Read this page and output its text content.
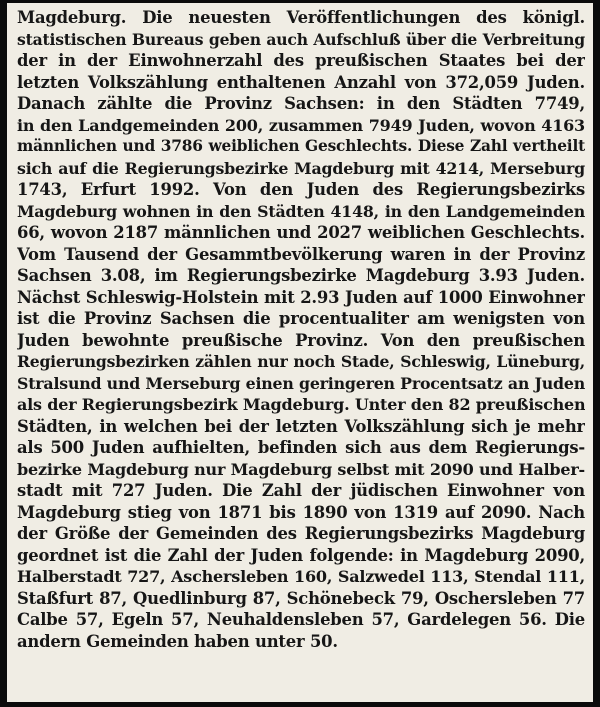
Magdeburg. Die neuesten Veröffentlichungen des königl.
statistischen Bureaus geben auch Aufschluß über die Verbreitung
der in der Einwohnerzahl des preußischen Staates bei der
letzten Volkszählung enthaltenen Anzahl von 372,059 Juden.
Danach zählte die Provinz Sachsen: in den Städten 7749,
in den Landgemeinden 200, zusammen 7949 Juden, wovon 4163
männlichen und 3786 weiblichen Geschlechts. Diese Zahl vertheilt
sich auf die Regierungsbezirke Magdeburg mit 4214, Merseburg
1743, Erfurt 1992. Von den Juden des Regierungsbezirks
Magdeburg wohnen in den Städten 4148, in den Landgemeinden
66, wovon 2187 männlichen und 2027 weiblichen Geschlechts.
Vom Tausend der Gesammtbevölkerung waren in der Provinz
Sachsen 3.08, im Regierungsbezirke Magdeburg 3.93 Juden.
Nächst Schleswig-Holstein mit 2.93 Juden auf 1000 Einwohner
ist die Provinz Sachsen die procentualiter am wenigsten von
Juden bewohnte preußische Provinz. Von den preußischen
Regierungsbezirken zählen nur noch Stade, Schleswig, Lüneburg,
Stralsund und Merseburg einen geringeren Procentsatz an Juden
als der Regierungsbezirk Magdeburg. Unter den 82 preußischen
Städten, in welchen bei der letzten Volkszählung sich je mehr
als 500 Juden aufhielten, befinden sich aus dem Regierungs-
bezirke Magdeburg nur Magdeburg selbst mit 2090 und Halber-
stadt mit 727 Juden. Die Zahl der jüdischen Einwohner von
Magdeburg stieg von 1871 bis 1890 von 1319 auf 2090. Nach
der Größe der Gemeinden des Regierungsbezirks Magdeburg
geordnet ist die Zahl der Juden folgende: in Magdeburg 2090,
Halberstadt 727, Aschersleben 160, Salzwedel 113, Stendal 111,
Staßfurt 87, Quedlinburg 87, Schönebeck 79, Oschersleben 77
Calbe 57, Egeln 57, Neuhaldensleben 57, Gardelegen 56. Die
andern Gemeinden haben unter 50.
